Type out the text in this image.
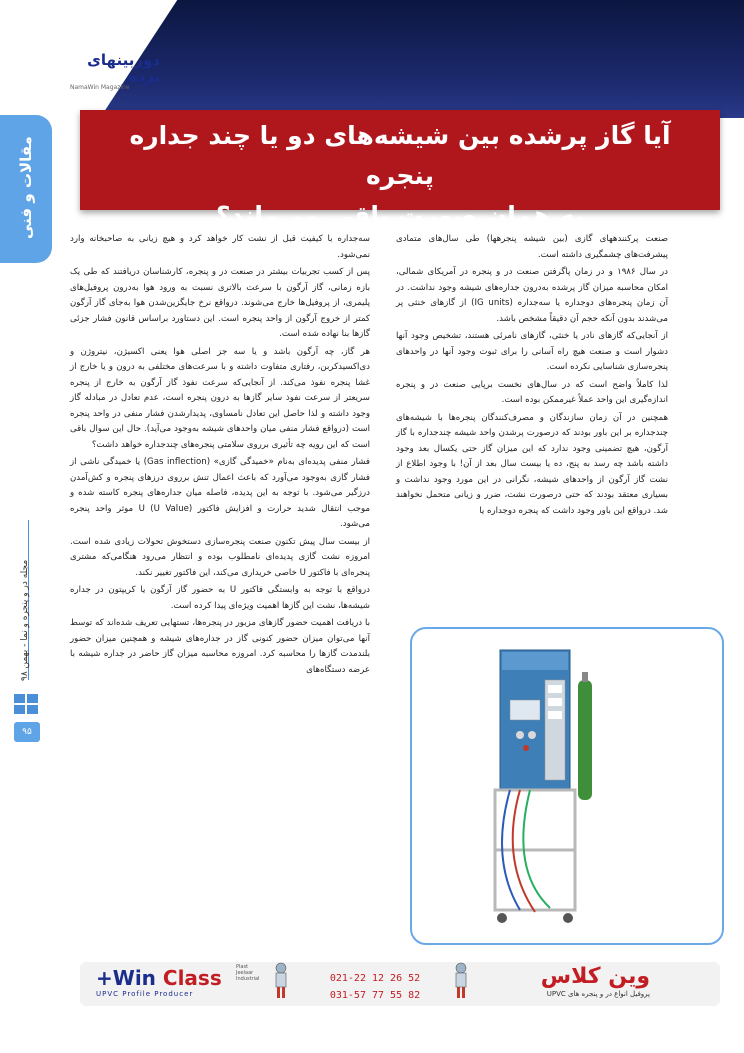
دوربینهای پرده
NamaWin Magazine
آیا گاز پرشده بین شیشه‌های دو یا چند جداره پنجره
به همان صورت باقی می‌ماند؟
مقالات و فنی
مجله در و پنجره و نما - بهمن ۹۸
۹۵

صنعت پرکنندههای گازی (بین شیشه پنجرهها) طی سال‌های متمادی پیشرفت‌های چشمگیری داشته است.

در سال ۱۹۸۶ و در زمان پاگرفتن صنعت در و پنجره در آمریکای شمالی، امکان محاسبه میزان گاز پرشده به‌درون جداره‌های شیشه وجود نداشت. در آن زمان پنجره‌های دوجداره یا سه‌جداره (IG units) از گازهای خنثی پر می‌شدند بدون آنکه حجم آن دقیقاً مشخص باشد.

از آنجایی‌که گازهای نادر یا خنثی، گازهای نامرئی هستند، تشخیص وجود آنها دشوار است و صنعت هیچ راه آسانی را برای ثبوت وجود آنها در واحدهای پنجره‌سازی شناسایی نکرده است.

لذا کاملاً واضح است که در سال‌های نخست برپایی صنعت در و پنجره اندازه‌گیری این واحد عملاً غیرممکن بوده است.

همچنین در آن زمان سازندگان و مصرف‌کنندگان پنجره‌ها با شیشه‌های چندجداره بر این باور بودند که درصورت پرشدن واحد شیشه چندجداره با گاز آرگون، هیچ تضمینی وجود ندارد که این میزان گاز حتی یکسال بعد وجود داشته باشد چه رسد به پنج، ده یا بیست سال بعد از آن! با وجود اطلاع از نشت گاز آرگون از واحدهای شیشه، نگرانی در این مورد وجود نداشت و بسیاری معتقد بودند که حتی درصورت نشت، ضرر و زیانی متحمل نخواهند شد. درواقع این باور وجود داشت که پنجره دوجداره یا

سه‌جداره با کیفیت قبل از نشت کار خواهد کرد و هیچ زیانی به صاحبخانه وارد نمی‌شود.

پس از کسب تجربیات بیشتر در صنعت در و پنجره، کارشناسان دریافتند که طی یک بازه زمانی، گاز آرگون با سرعت بالاتری نسبت به ورود هوا به‌درون پروفیل‌های پلیمری، از پروفیل‌ها خارج می‌شوند. درواقع نرخ جایگزین‌شدن هوا به‌جای گاز آرگون کمتر از خروج آرگون از واحد پنجره است. این دستاورد براساس قانون فشار جزئی گازها بنا نهاده شده است.

هر گاز، چه آرگون باشد و یا سه جز اصلی هوا یعنی اکسیژن، نیتروژن و دی‌اکسیدکربن، رفتاری متفاوت داشته و با سرعت‌های مختلفی به درون و یا خارج از غشا پنجره نفوذ می‌کند. از آنجایی‌که سرعت نفوذ گاز آرگون به خارج از پنجره سریعتر از سرعت نفوذ سایر گازها به درون پنجره است، عدم تعادل در مبادله گاز وجود داشته و لذا حاصل این تعادل نامساوی، پدیدارشدن فشار منفی در واحد پنجره است (درواقع فشار منفی میان واحدهای شیشه به‌وجود می‌آید). حال این سوال باقی است که این رویه چه تأثیری برروی سلامتی پنجره‌های چندجداره خواهد داشت؟

فشار منفی پدیده‌ای به‌نام «خمیدگی گازی» (Gas inflection) یا خمیدگی ناشی از فشار گازی به‌وجود می‌آورد که باعث اعمال تنش برروی درزهای پنجره و کش‌آمدن درزگیر می‌شود. با توجه به این پدیده، فاصله میان جداره‌های پنجره کاسته شده و موجب انتقال شدید حرارت و افزایش فاکتور U (U Value) موثر واحد پنجره می‌شود.

از بیست سال پیش تکنون صنعت پنجره‌سازی دستخوش تحولات زیادی شده است. امروزه نشت گازی پدیده‌ای نامطلوب بوده و انتظار می‌رود هنگامی‌که مشتری پنجره‌ای با فاکتور U خاصی خریداری می‌کند، این فاکتور تغییر نکند.

درواقع با توجه به وابستگی فاکتور U به حضور گاز آرگون یا کریپتون در جداره شیشه‌ها، نشت این گازها اهمیت ویژه‌ای پیدا کرده است.

با دریافت اهمیت حضور گازهای مزبور در پنجره‌ها، تستهایی تعریف شده‌اند که توسط آنها می‌توان میزان حضور کنونی گاز در جداره‌های شیشه و همچنین میزان حضور بلندمدت گازها را محاسبه کرد. امروزه محاسبه میزان گاز حاضر در جداره شیشه با عرضه دستگاه‌های

+Win Class
UPVC Profile Producer
Plast Jeelaar Industrial	021-22 12 26 52
031-57 77 55 82
وین کلاس
پروفیل انواع در و پنجره های UPVC
